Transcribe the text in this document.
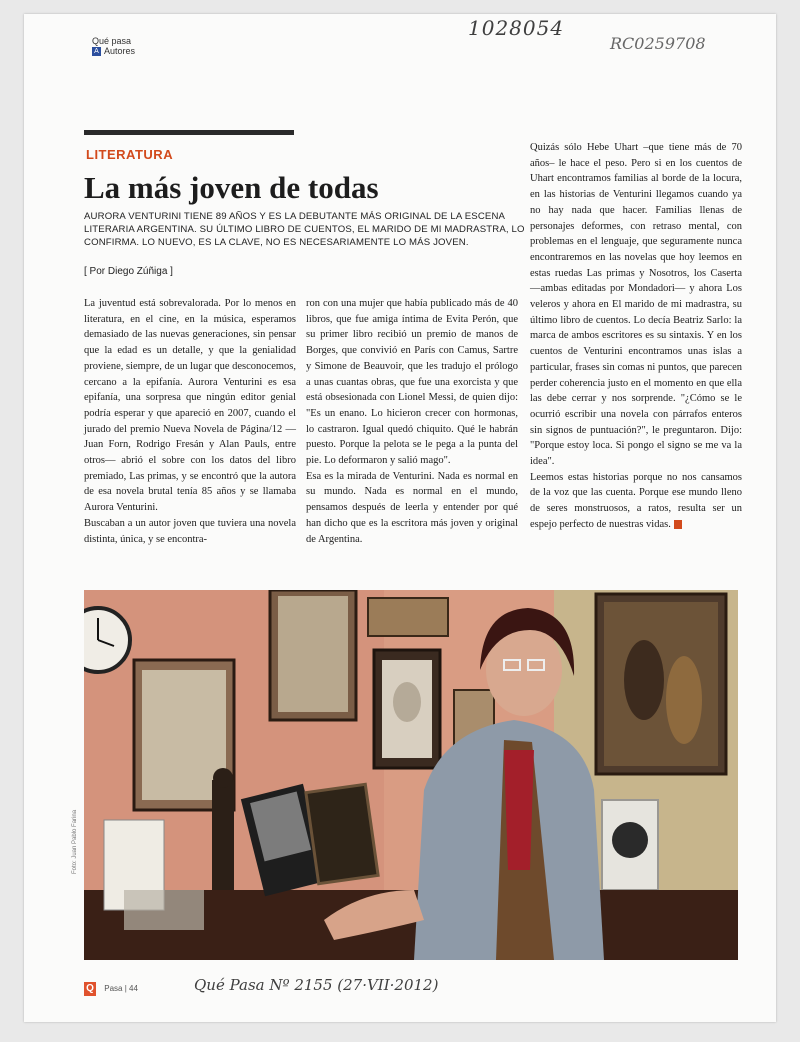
1028054
RC0259708
Qué pasa
A Autores
LITERATURA
La más joven de todas
AURORA VENTURINI TIENE 89 AÑOS Y ES LA DEBUTANTE MÁS ORIGINAL DE LA ESCENA LITERARIA ARGENTINA. SU ÚLTIMO LIBRO DE CUENTOS, EL MARIDO DE MI MADRASTRA, LO CONFIRMA. LO NUEVO, ES LA CLAVE, NO ES NECESARIAMENTE LO MÁS JOVEN.
[ Por Diego Zúñiga ]

La juventud está sobrevalorada. Por lo menos en literatura, en el cine, en la música, esperamos demasiado de las nuevas generaciones, sin pensar que la edad es un detalle, y que la genialidad proviene, siempre, de un lugar que desconocemos, cercano a la epifanía. Aurora Venturini es esa epifanía, una sorpresa que ningún editor genial podría esperar y que apareció en 2007, cuando el jurado del premio Nueva Novela de Página/12 —Juan Forn, Rodrigo Fresán y Alan Pauls, entre otros— abrió el sobre con los datos del libro premiado, Las primas, y se encontró que la autora de esa novela brutal tenía 85 años y se llamaba Aurora Venturini.

Buscaban a un autor joven que tuviera una novela distinta, única, y se encontra-

ron con una mujer que había publicado más de 40 libros, que fue amiga íntima de Evita Perón, que su primer libro recibió un premio de manos de Borges, que convivió en París con Camus, Sartre y Simone de Beauvoir, que les tradujo el prólogo a unas cuantas obras, que fue una exorcista y que está obsesionada con Lionel Messi, de quien dijo: "Es un enano. Lo hicieron crecer con hormonas, lo castraron. Igual quedó chiquito. Qué le habrán puesto. Porque la pelota se le pega a la punta del pie. Lo deformaron y salió mago".

Esa es la mirada de Venturini. Nada es normal en su mundo. Nada es normal en el mundo, pensamos después de leerla y entender por qué han dicho que es la escritora más joven y original de Argentina.

Quizás sólo Hebe Uhart –que tiene más de 70 años– le hace el peso. Pero si en los cuentos de Uhart encontramos familias al borde de la locura, en las historias de Venturini llegamos cuando ya no hay nada que hacer. Familias llenas de personajes deformes, con retraso mental, con problemas en el lenguaje, que seguramente nunca encontraremos en las novelas que hoy leemos en estas ruedas Las primas y Nosotros, los Caserta —ambas editadas por Mondadori— y ahora Los veleros y ahora en El marido de mi madrastra, su último libro de cuentos. Lo decía Beatriz Sarlo: la marca de ambos escritores es su sintaxis. Y en los cuentos de Venturini encontramos unas islas a particular, frases sin comas ni puntos, que parecen perder coherencia justo en el momento en que ella las debe cerrar y nos sorprende. "¿Cómo se le ocurrió escribir una novela con párrafos enteros sin signos de puntuación?", le preguntaron. Dijo: "Porque estoy loca. Si pongo el signo se me va la idea".

Leemos estas historias porque no nos cansamos de la voz que las cuenta. Porque ese mundo lleno de seres monstruosos, a ratos, resulta ser un espejo perfecto de nuestras vidas.

Foto: Juan Pablo Farina
Q Pasa | 44	Qué Pasa Nº 2155 (27·VII·2012)
